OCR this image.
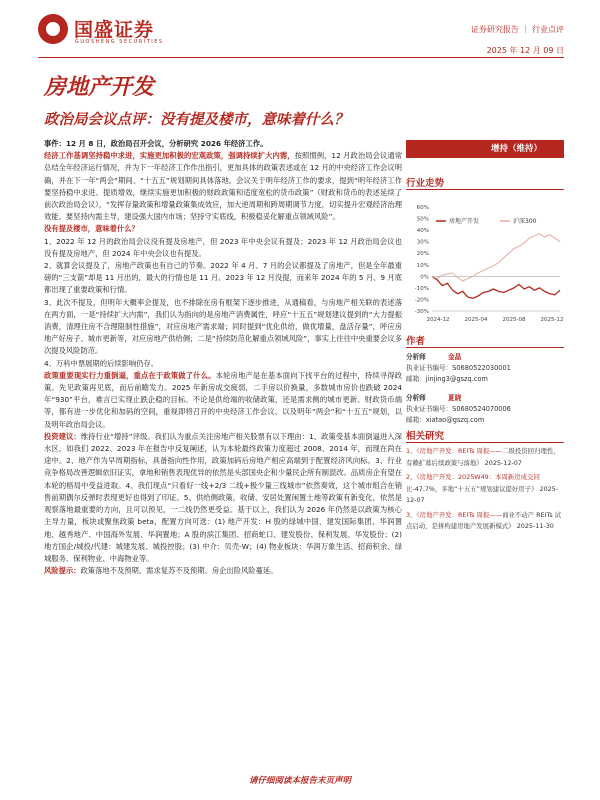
国盛证券
GUOSHENG SECURITIES
证券研究报告 ｜ 行业点评
2025 年 12 月 09 日
房地产开发
政治局会议点评：没有提及楼市，意味着什么？

事件：12 月 8 日，政治局召开会议，分析研究 2026 年经济工作。

经济工作基调坚持稳中求进，实施更加积极的宏观政策，强调持续扩大内需，按照惯例，12 月政治局会议通常总结全年经济运行情况，并为下一年经济工作作出指引，更加具体的政策表述或在 12 月的中央经济工作会议明确，并在下一年“两会”期间、“十五五”规划期间具体落地。会议关于明年经济工作的要求，提到“明年经济工作要坚持稳中求进、提质增效，继续实施更加积极的财政政策和适度宽松的货币政策”（财政和货币的表述延续了前次政治局会议），“发挥存量政策和增量政策集成效应，加大逆周期和跨周期调节力度，切实提升宏观经济治理效能。要坚持内需主导，建设强大国内市场；坚持守实底线，积极稳妥化解重点领域风险”。

没有提及楼市，意味着什么？

1、2022 年 12 月的政治局会议没有提及房地产，但 2023 年中央会议有提及；2023 年 12 月政治局会议也没有提及房地产，但 2024 年中央会议也有提及。

2、就算会议提及了，房地产政策也有自己的节奏。2022 年 4 月、7 月的会议都提及了房地产，但是全年最重磅的“三支箭”却是 11 月出的，最大的行情也是 11 月。2023 年 12 月没提，而来年 2024 年的 5 月、9 月底都出现了重要政策和行情。

3、此次不提及，但明年大概率会提及，也不排除在房有框架下逐步推进，从通稿看，与房地产相关联的表述落在两方面，一是“持续扩大内需”，我们认为指向的是房地产消费属性，呼应“十五五”规划建议提到的“大力提振消费，清理住房不合理限制性措施”，对应房地产需求端；同时提到“优化供给，做优增量，盘活存量”，呼应房地产好房子、城市更新等，对应房地产供给侧；二是“持续防范化解重点领域风险”，事实上往往中央重要会议多次提及风险防范。

4、万科中票展期的后续影响仍存。

政策重要现实行力重倒逼，重点在于政策做了什么。本轮房地产是在基本面向下找平台的过程中，持续寻得政策。先见政策再见底，而后前瞻发力。2025 年新房成交疲弱，二手房以价换量，多数城市房价也跌破 2024 年“930”平台，难言已实现止跌企稳的目标。不论是供给端的收储政策，还是需求侧的城市更新、财政货币端等，都有进一步优化和加码的空间，重视即将召开的中央经济工作会议、以及明年“两会”和“十五五”规划，以及明年政治局会议。

投资建议：维持行业“增持”评级。我们认为重点关注房地产相关股票有以下理由：1、政策受基本面倒逼进入深水区，如我们 2022、2023 年在报告中反复阐述，认为本轮最终政策力度超过 2008、2014 年，而现在尚在途中。2、地产作为早周期指标，具备指向性作用，政策加码后房地产相应高端到于配置经济风向标。3、行业竞争格局改善逻辑依旧证实，拿地和销售表现优异的依然是头部国央企和少量民企所有制混改。品质房企有望在本轮的格局中受益进取。4、我们现点“只看好一线+2/3 二线+极少量三线城市”依然奏效，这个城市组合在销售前期偶尔反弹时表现更好也得到了印证。5、供给侧政策，收储、安居处置闲置土地等政策有新变化，依然是观察落地最重要的方向，且可以预见，一二线仍然更受益。基于以上，我们认为 2026 年仍然是以政策为核心主导力量，板块或聚焦政策 beta，配置方向可选：(1) 地产开发：H 股的绿城中国、建发国际集团、华润置地、越秀地产、中国海外发展、华润置地；A 股的滨江集团、招商蛇口、建发股份、保利发展、华发股份；(2) 地方国企/城投/代建：城建发展、城投控股；(3) 中介：贝壳-W；(4) 物业板块：华润万象生活、招商积余、绿城服务、保利物业、中海物业等。

风险提示：政策落地不及预期、需求复苏不及预期、房企出险风险蔓延。

增持（维持）
行业走势
60%
50%
40%
30%
20%
10%
0%
-10%
-20%
-30%
2024-12	2025-04	2025-08	2025-12
房地产开发	沪深300
作者
分析师	金晶
执业证书编号：S0680522030001
邮箱：jinjing3@gszq.com
分析师	夏晓
执业证书编号：S0680524070006
邮箱：xiatao@gszq.com
相关研究
1、《房地产开发：REITs 周报——二级投资回归理性，有赖扩募后续政策与落地》 2025-12-07
2、《房地产开发：2025W49：本周新房成交同比-47.7%，多地“十五五”规划建议提好房子》 2025-12-07
3、《房地产开发：REITs 周报——商业不动产 REITs 试点启动，是拼构建房地产发展新模式》 2025-11-30
请仔细阅读本报告末页声明
